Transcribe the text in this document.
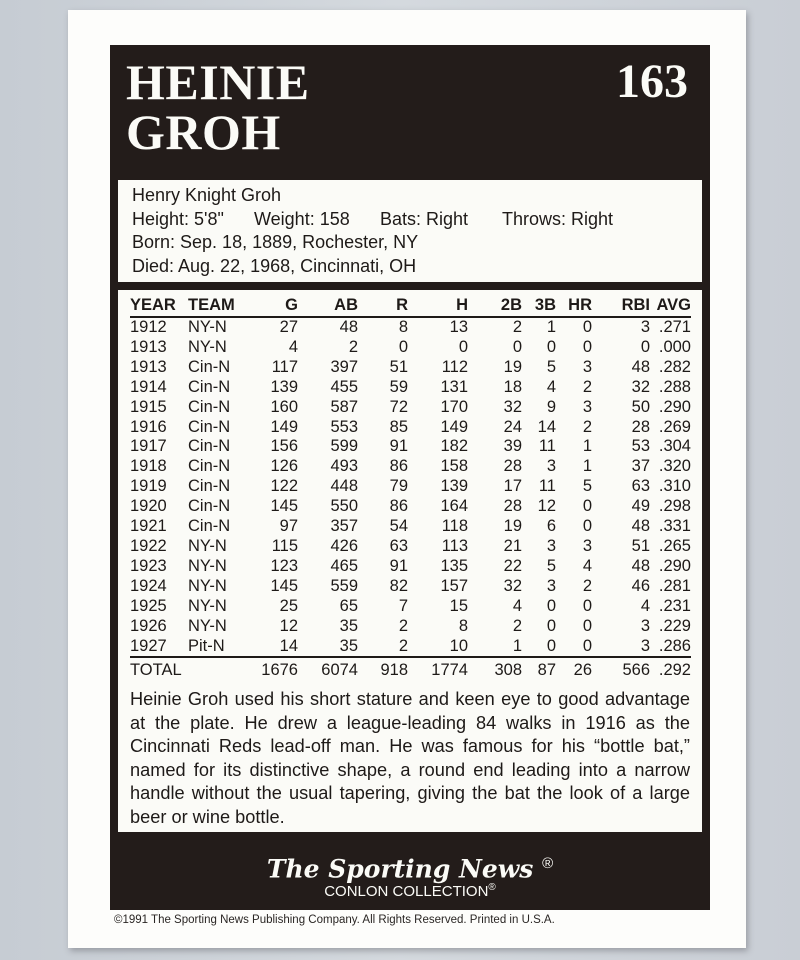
HEINIE
GROH
163
Henry Knight Groh
Height: 5'8"	Weight: 158	Bats: Right	Throws: Right
Born: Sep. 18, 1889, Rochester, NY
Died: Aug. 22, 1968, Cincinnati, OH
YEAR	TEAM	G	AB	R	H	2B	3B	HR	RBI	AVG
1912	NY-N	27	48	8	13	2	1	0	3	.271
1913	NY-N	4	2	0	0	0	0	0	0	.000
1913	Cin-N	117	397	51	112	19	5	3	48	.282
1914	Cin-N	139	455	59	131	18	4	2	32	.288
1915	Cin-N	160	587	72	170	32	9	3	50	.290
1916	Cin-N	149	553	85	149	24	14	2	28	.269
1917	Cin-N	156	599	91	182	39	11	1	53	.304
1918	Cin-N	126	493	86	158	28	3	1	37	.320
1919	Cin-N	122	448	79	139	17	11	5	63	.310
1920	Cin-N	145	550	86	164	28	12	0	49	.298
1921	Cin-N	97	357	54	118	19	6	0	48	.331
1922	NY-N	115	426	63	113	21	3	3	51	.265
1923	NY-N	123	465	91	135	22	5	4	48	.290
1924	NY-N	145	559	82	157	32	3	2	46	.281
1925	NY-N	25	65	7	15	4	0	0	4	.231
1926	NY-N	12	35	2	8	2	0	0	3	.229
1927	Pit-N	14	35	2	10	1	0	0	3	.286
TOTAL		1676	6074	918	1774	308	87	26	566	.292
Heinie Groh used his short stature and keen eye to good advantage at the plate. He drew a league-leading 84 walks in 1916 as the Cincinnati Reds lead-off man. He was famous for his “bottle bat,” named for its distinctive shape, a round end leading into a narrow handle without the usual tapering, giving the bat the look of a large beer or wine bottle.
The Sporting News ®
CONLON COLLECTION®
©1991 The Sporting News Publishing Company. All Rights Reserved. Printed in U.S.A.
